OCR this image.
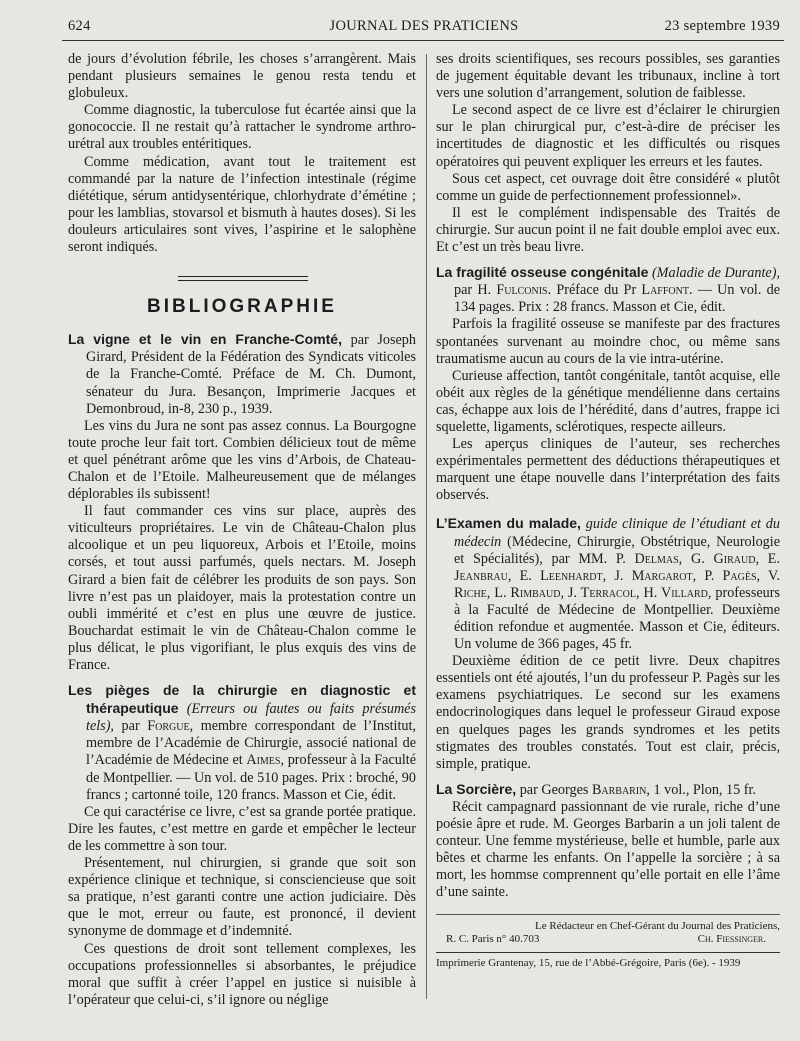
624	JOURNAL DES PRATICIENS	23 septembre 1939

de jours d’évolution fébrile, les choses s’arrangèrent. Mais pendant plusieurs semaines le genou resta tendu et globuleux.

Comme diagnostic, la tuberculose fut écartée ainsi que la gonococcie. Il ne restait qu’à rattacher le syndrome arthro-urétral aux troubles entéritiques.

Comme médication, avant tout le traitement est commandé par la nature de l’infection intestinale (régime diététique, sérum antidysentérique, chlorhydrate d’émétine ; pour les lamblias, stovarsol et bismuth à hautes doses). Si les douleurs articulaires sont vives, l’aspirine et le salophène seront indiqués.

BIBLIOGRAPHIE

La vigne et le vin en Franche-Comté, par Joseph Girard, Président de la Fédération des Syndicats viticoles de la Franche-Comté. Préface de M. Ch. Dumont, sénateur du Jura. Besançon, Imprimerie Jacques et Demonbroud, in-8, 230 p., 1939.

Les vins du Jura ne sont pas assez connus. La Bourgogne toute proche leur fait tort. Combien délicieux tout de même et quel pénétrant arôme que les vins d’Arbois, de Chateau-Chalon et de l’Etoile. Malheureusement que de mélanges déplorables ils subissent!

Il faut commander ces vins sur place, auprès des viticulteurs propriétaires. Le vin de Château-Chalon plus alcoolique et un peu liquoreux, Arbois et l’Etoile, moins corsés, et tout aussi parfumés, quels nectars. M. Joseph Girard a bien fait de célébrer les produits de son pays. Son livre n’est pas un plaidoyer, mais la protestation contre un oubli immérité et c’est en plus une œuvre de justice. Bouchardat estimait le vin de Château-Chalon comme le plus délicat, le plus vigorifiant, le plus exquis des vins de France.

Les pièges de la chirurgie en diagnostic et thérapeutique (Erreurs ou fautes ou faits présumés tels), par Forgue, membre correspondant de l’Institut, membre de l’Académie de Chirurgie, associé national de l’Académie de Médecine et Aimes, professeur à la Faculté de Montpellier. — Un vol. de 510 pages. Prix : broché, 90 francs ; cartonné toile, 120 francs. Masson et Cie, édit.

Ce qui caractérise ce livre, c’est sa grande portée pratique. Dire les fautes, c’est mettre en garde et empêcher le lecteur de les commettre à son tour.

Présentement, nul chirurgien, si grande que soit son expérience clinique et technique, si consciencieuse que soit sa pratique, n’est garanti contre une action judiciaire. Dès que le mot, erreur ou faute, est prononcé, il devient synonyme de dommage et d’indemnité.

Ces questions de droit sont tellement complexes, les occupations professionnelles si absorbantes, le préjudice moral que suffit à créer l’appel en justice si nuisible à l’opérateur que celui-ci, s’il ignore ou néglige

ses droits scientifiques, ses recours possibles, ses garanties de jugement équitable devant les tribunaux, incline à tort vers une solution d’arrangement, solution de faiblesse.

Le second aspect de ce livre est d’éclairer le chirurgien sur le plan chirurgical pur, c’est-à-dire de préciser les incertitudes de diagnostic et les difficultés ou risques opératoires qui peuvent expliquer les erreurs et les fautes.

Sous cet aspect, cet ouvrage doit être considéré « plutôt comme un guide de perfectionnement professionnel».

Il est le complément indispensable des Traités de chirurgie. Sur aucun point il ne fait double emploi avec eux. Et c’est un très beau livre.

La fragilité osseuse congénitale (Maladie de Durante), par H. Fulconis. Préface du Pr Laffont. — Un vol. de 134 pages. Prix : 28 francs. Masson et Cie, édit.

Parfois la fragilité osseuse se manifeste par des fractures spontanées survenant au moindre choc, ou même sans traumatisme aucun au cours de la vie intra-utérine.

Curieuse affection, tantôt congénitale, tantôt acquise, elle obéit aux règles de la génétique mendélienne dans certains cas, échappe aux lois de l’hérédité, dans d’autres, frappe ici squelette, ligaments, sclérotiques, respecte ailleurs.

Les aperçus cliniques de l’auteur, ses recherches expérimentales permettent des déductions thérapeutiques et marquent une étape nouvelle dans l’interprétation des faits observés.

L’Examen du malade, guide clinique de l’étudiant et du médecin (Médecine, Chirurgie, Obstétrique, Neurologie et Spécialités), par MM. P. Delmas, G. Giraud, E. Jeanbrau, E. Leenhardt, J. Margarot, P. Pagès, V. Riche, L. Rimbaud, J. Terracol, H. Villard, professeurs à la Faculté de Médecine de Montpellier. Deuxième édition refondue et augmentée. Masson et Cie, éditeurs. Un volume de 366 pages, 45 fr.

Deuxième édition de ce petit livre. Deux chapitres essentiels ont été ajoutés, l’un du professeur P. Pagès sur les examens psychiatriques. Le second sur les examens endocrinologiques dans lequel le professeur Giraud expose en quelques pages les grands syndromes et les petits stigmates des troubles constatés. Tout est clair, précis, simple, pratique.

La Sorcière, par Georges Barbarin, 1 vol., Plon, 15 fr.

Récit campagnard passionnant de vie rurale, riche d’une poésie âpre et rude. M. Georges Barbarin a un joli talent de conteur. Une femme mystérieuse, belle et humble, parle aux bêtes et charme les enfants. On l’appelle la sorcière ; à sa mort, les hommse comprennent qu’elle portait en elle l’âme d’une sainte.

Le Rédacteur en Chef-Gérant du Journal des Praticiens,
R. C. Paris n° 40.703	Ch. Fiessinger.
Imprimerie Grantenay, 15, rue de l’Abbé-Grégoire, Paris (6e). - 1939
